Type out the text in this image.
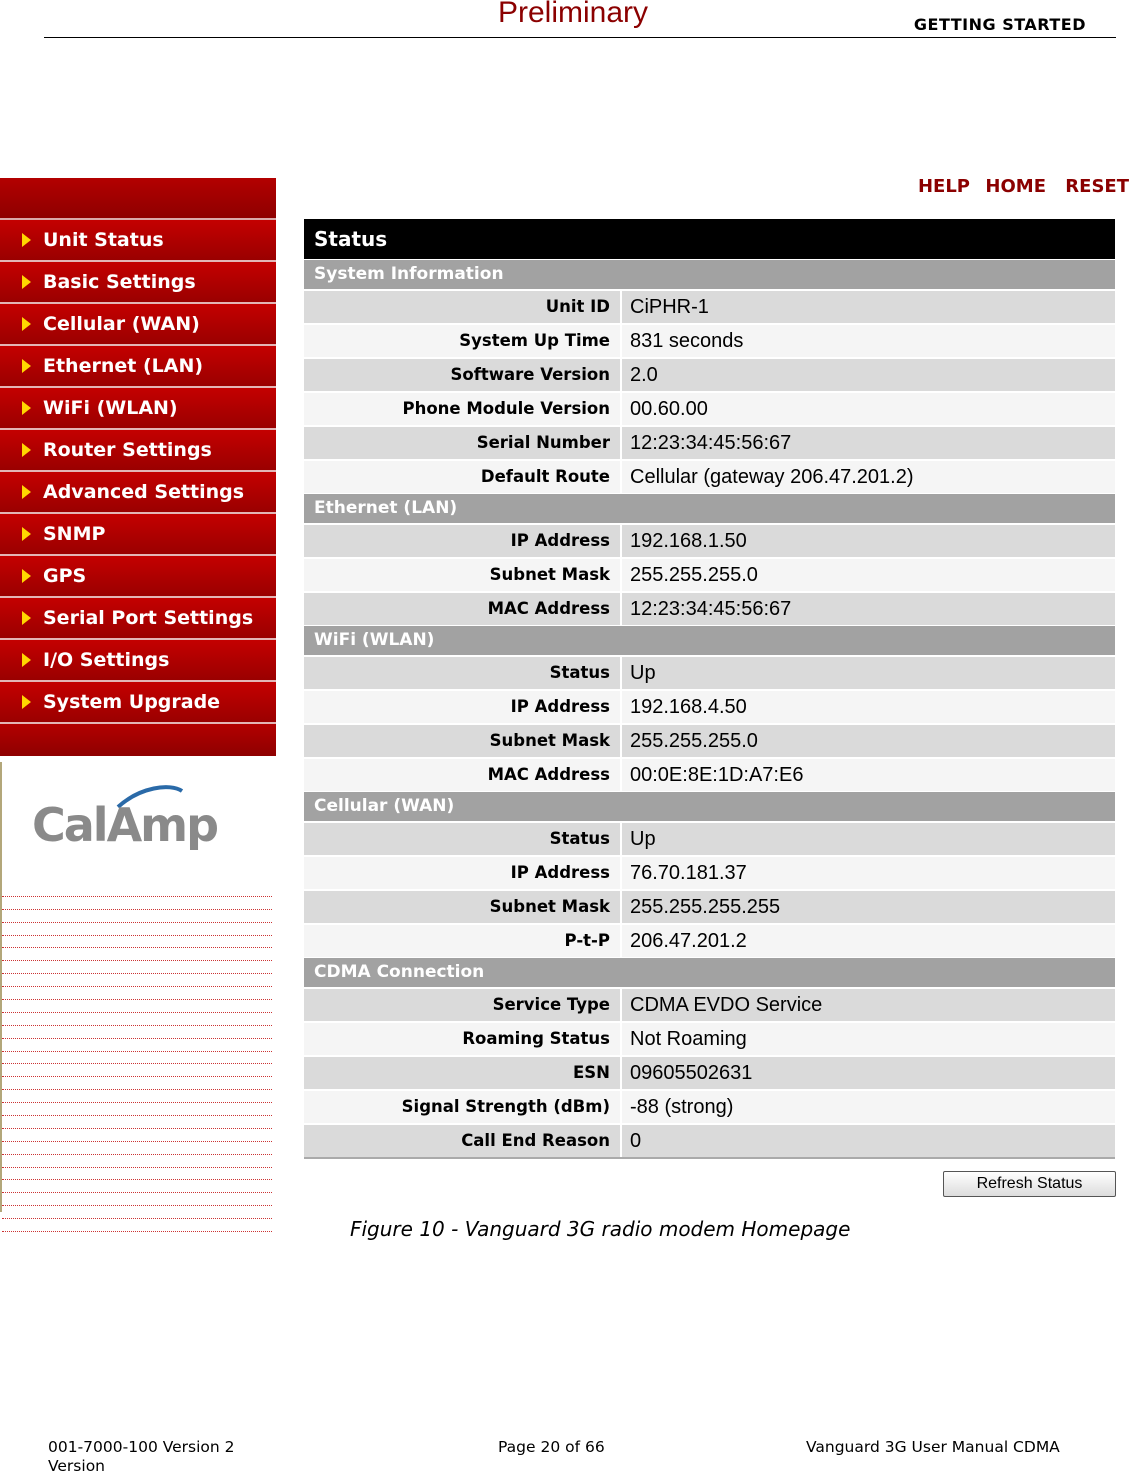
Preliminary	GETTING STARTED
Unit Status
Basic Settings
Cellular (WAN)
Ethernet (LAN)
WiFi (WLAN)
Router Settings
Advanced Settings
SNMP
GPS
Serial Port Settings
I/O Settings
System Upgrade
CalAmp
HELP HOME RESET
Status
System Information
Unit ID	CiPHR-1
System Up Time	831 seconds
Software Version	2.0
Phone Module Version	00.60.00
Serial Number	12:23:34:45:56:67
Default Route	Cellular (gateway 206.47.201.2)
Ethernet (LAN)
IP Address	192.168.1.50
Subnet Mask	255.255.255.0
MAC Address	12:23:34:45:56:67
WiFi (WLAN)
Status	Up
IP Address	192.168.4.50
Subnet Mask	255.255.255.0
MAC Address	00:0E:8E:1D:A7:E6
Cellular (WAN)
Status	Up
IP Address	76.70.181.37
Subnet Mask	255.255.255.255
P-t-P	206.47.201.2
CDMA Connection
Service Type	CDMA EVDO Service
Roaming Status	Not Roaming
ESN	09605502631
Signal Strength (dBm)	-88 (strong)
Call End Reason	0
Refresh Status
Figure 10 - Vanguard 3G radio modem Homepage
001-7000-100 Version 2
Version
Page 20 of 66	Vanguard 3G User Manual CDMA
